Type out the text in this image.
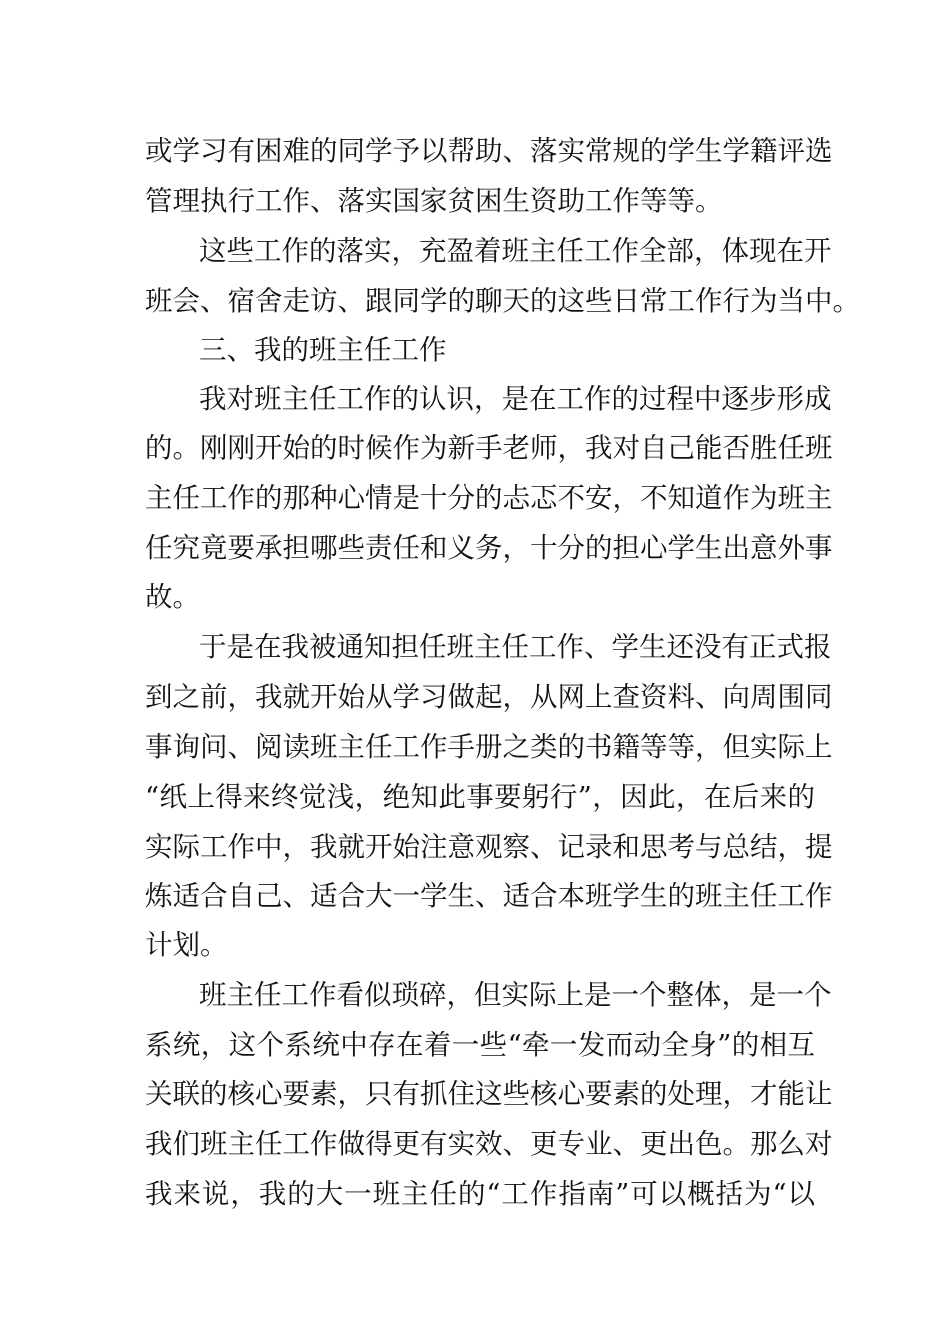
或学习有困难的同学予以帮助、落实常规的学生学籍评选
管理执行工作、落实国家贫困生资助工作等等。
这些工作的落实，充盈着班主任工作全部，体现在开
班会、宿舍走访、跟同学的聊天的这些日常工作行为当中。
三、我的班主任工作
我对班主任工作的认识，是在工作的过程中逐步形成
的。刚刚开始的时候作为新手老师，我对自己能否胜任班
主任工作的那种心情是十分的忐忑不安，不知道作为班主
任究竟要承担哪些责任和义务，十分的担心学生出意外事
故。
于是在我被通知担任班主任工作、学生还没有正式报
到之前，我就开始从学习做起，从网上查资料、向周围同
事询问、阅读班主任工作手册之类的书籍等等，但实际上
“纸上得来终觉浅，绝知此事要躬行”，因此，在后来的
实际工作中，我就开始注意观察、记录和思考与总结，提
炼适合自己、适合大一学生、适合本班学生的班主任工作
计划。
班主任工作看似琐碎，但实际上是一个整体，是一个
系统，这个系统中存在着一些“牵一发而动全身”的相互
关联的核心要素，只有抓住这些核心要素的处理，才能让
我们班主任工作做得更有实效、更专业、更出色。那么对
我来说，我的大一班主任的“工作指南”可以概括为“以
